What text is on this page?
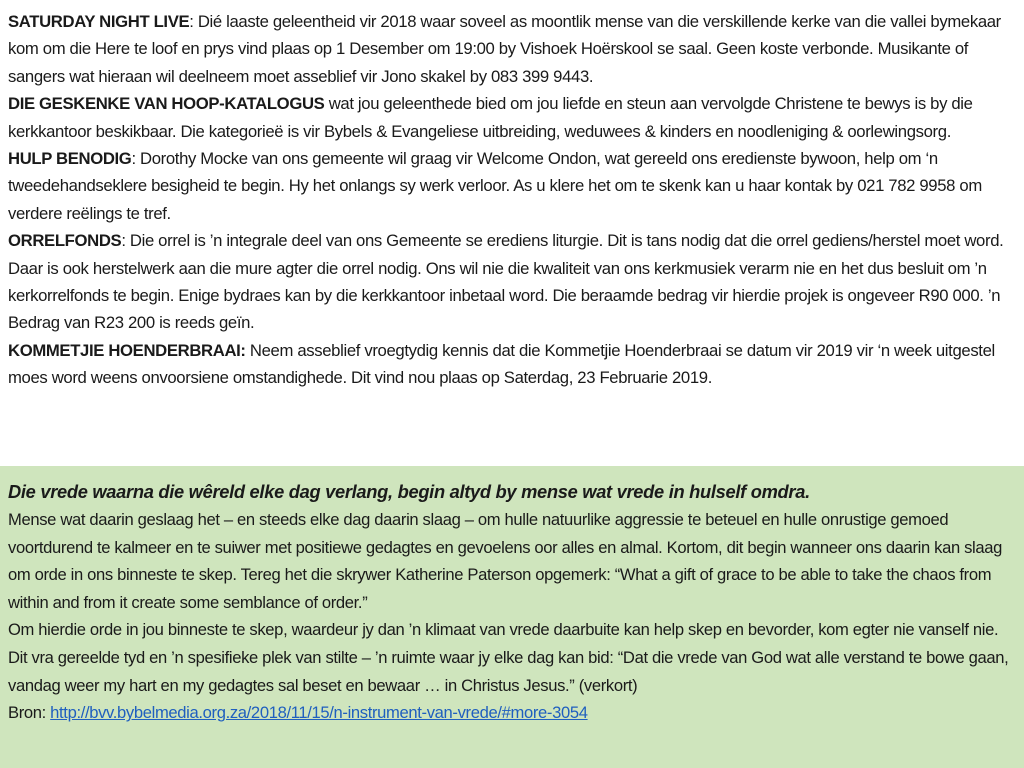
SATURDAY NIGHT LIVE: Dié laaste geleentheid vir 2018 waar soveel as moontlik mense van die verskillende kerke van die vallei bymekaar kom om die Here te loof en prys vind plaas op 1 Desember om 19:00 by Vishoek Hoërskool se saal. Geen koste verbonde. Musikante of sangers wat hieraan wil deelneem moet asseblief vir Jono skakel by 083 399 9443.

DIE GESKENKE VAN HOOP-KATALOGUS wat jou geleenthede bied om jou liefde en steun aan vervolgde Christene te bewys is by die kerkkantoor beskikbaar. Die kategorieë is vir Bybels & Evangeliese uitbreiding, weduwees & kinders en noodleniging & oorlewingsorg.

HULP BENODIG: Dorothy Mocke van ons gemeente wil graag vir Welcome Ondon, wat gereeld ons eredienste bywoon, help om ‘n tweedehandseklere besigheid te begin. Hy het onlangs sy werk verloor. As u klere het om te skenk kan u haar kontak by 021 782 9958 om verdere reëlings te tref.

ORRELFONDS: Die orrel is ’n integrale deel van ons Gemeente se erediens liturgie. Dit is tans nodig dat die orrel gediens/herstel moet word. Daar is ook herstelwerk aan die mure agter die orrel nodig. Ons wil nie die kwaliteit van ons kerkmusiek verarm nie en het dus besluit om ’n kerkorrelfonds te begin. Enige bydraes kan by die kerkkantoor inbetaal word. Die beraamde bedrag vir hierdie projek is ongeveer R90 000. ’n Bedrag van R23 200 is reeds geïn.

KOMMETJIE HOENDERBRAAI: Neem asseblief vroegtydig kennis dat die Kommetjie Hoenderbraai se datum vir 2019 vir ‘n week uitgestel moes word weens onvoorsiene omstandighede. Dit vind nou plaas op Saterdag, 23 Februarie 2019.

Die vrede waarna die wêreld elke dag verlang, begin altyd by mense wat vrede in hulself omdra.

Mense wat daarin geslaag het – en steeds elke dag daarin slaag – om hulle natuurlike aggressie te beteuel en hulle onrustige gemoed voortdurend te kalmeer en te suiwer met positiewe gedagtes en gevoelens oor alles en almal. Kortom, dit begin wanneer ons daarin kan slaag om orde in ons binneste te skep. Tereg het die skrywer Katherine Paterson opgemerk: “What a gift of grace to be able to take the chaos from within and from it create some semblance of order.”

Om hierdie orde in jou binneste te skep, waardeur jy dan ’n klimaat van vrede daarbuite kan help skep en bevorder, kom egter nie vanself nie. Dit vra gereelde tyd en ’n spesifieke plek van stilte – ’n ruimte waar jy elke dag kan bid: “Dat die vrede van God wat alle verstand te bowe gaan, vandag weer my hart en my gedagtes sal beset en bewaar … in Christus Jesus.” (verkort)

Bron: http://bvv.bybelmedia.org.za/2018/11/15/n-instrument-van-vrede/#more-3054
